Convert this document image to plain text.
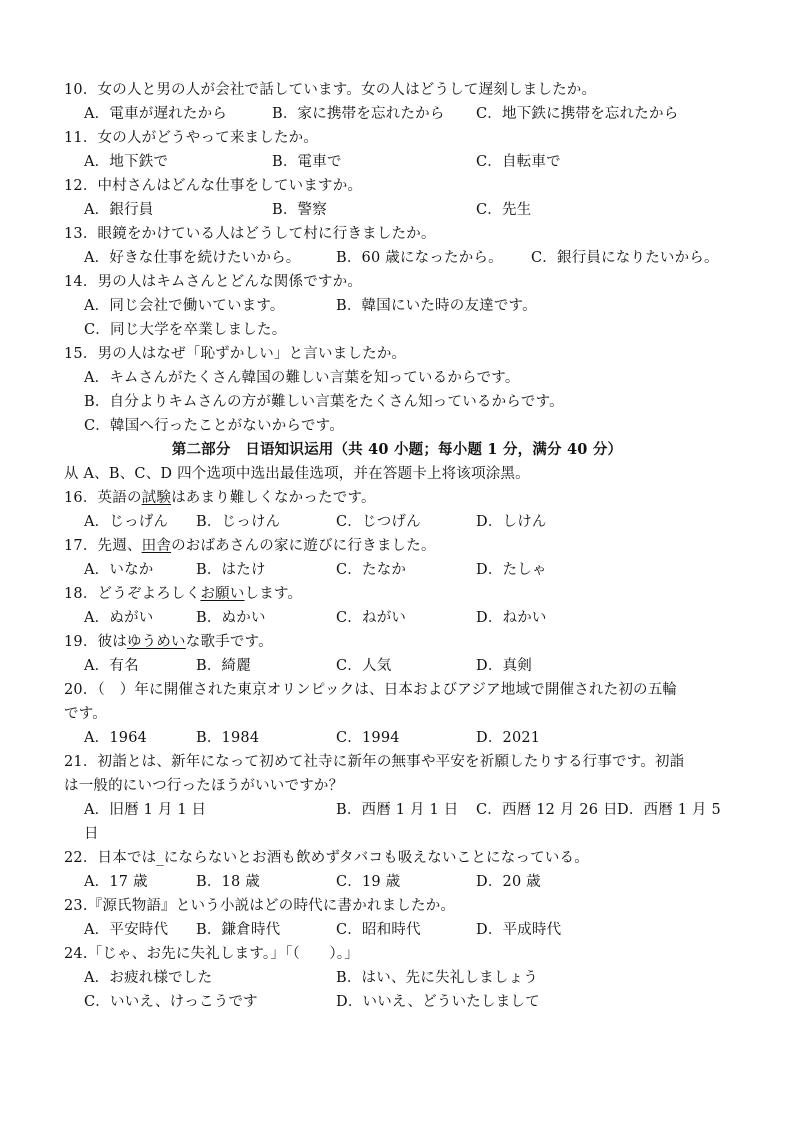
10．女の人と男の人が会社で話しています。女の人はどうして遅刻しましたか。
A．電車が遅れたから	B．家に携帯を忘れたから C．地下鉄に携帯を忘れたから
11．女の人がどうやって来ましたか。
A．地下鉄で	B．電車で	C．自転車で
12．中村さんはどんな仕事をしていますか。
A．銀行員	B．警察	C．先生
13．眼鏡をかけている人はどうして村に行きましたか。
A．好きな仕事を続けたいから。 B．60 歳になったから。 C．銀行員になりたいから。
14．男の人はキムさんとどんな関係ですか。
A．同じ会社で働いています。	B．韓国にいた時の友達です。
C．同じ大学を卒業しました。
15．男の人はなぜ「恥ずかしい」と言いましたか。
A．キムさんがたくさん韓国の難しい言葉を知っているからです。
B．自分よりキムさんの方が難しい言葉をたくさん知っているからです。
C．韓国へ行ったことがないからです。
第二部分　日语知识运用（共 40 小题；每小题 1 分，满分 40 分）
从 A、B、C、D 四个选项中选出最佳选项，并在答题卡上将该项涂黑。
16．英語の試験はあまり難しくなかったです。
A．じっげん B．じっけん	C．じつげん	D．しけん
17．先週、田舎のおばあさんの家に遊びに行きました。
A．いなか	B．はたけ	C．たなか	D．たしゃ
18．どうぞよろしくお願いします。
A．ぬがい	B．ぬかい	C．ねがい	D．ねかい
19．彼はゆうめいな歌手です。
A．有名	B．綺麗	C．人気	D．真剣
20．（　）年に開催された東京オリンピックは、日本およびアジア地域で開催された初の五輪
です。
A．1964	B．1984	C．1994	D．2021
21．初詣とは、新年になって初めて社寺に新年の無事や平安を祈願したりする行事です。初詣
は一般的にいつ行ったほうがいいですか？
A．旧暦 1 月 1 日	B．西暦 1 月 1 日 C．西暦 12 月 26 日 D．西暦 1 月 5
日
22．日本では_にならないとお酒も飲めずタバコも吸えないことになっている。
A．17 歳	B．18 歳	C．19 歳	D．20 歳
23.『源氏物語』という小説はどの時代に書かれましたか。
A．平安時代 B．鎌倉時代	C．昭和時代	D．平成時代
24.「じゃ、お先に失礼します。」「（　　）。」
A．お疲れ様でした	B．はい、先に失礼しましょう
C．いいえ、けっこうです	D．いいえ、どういたしまして
